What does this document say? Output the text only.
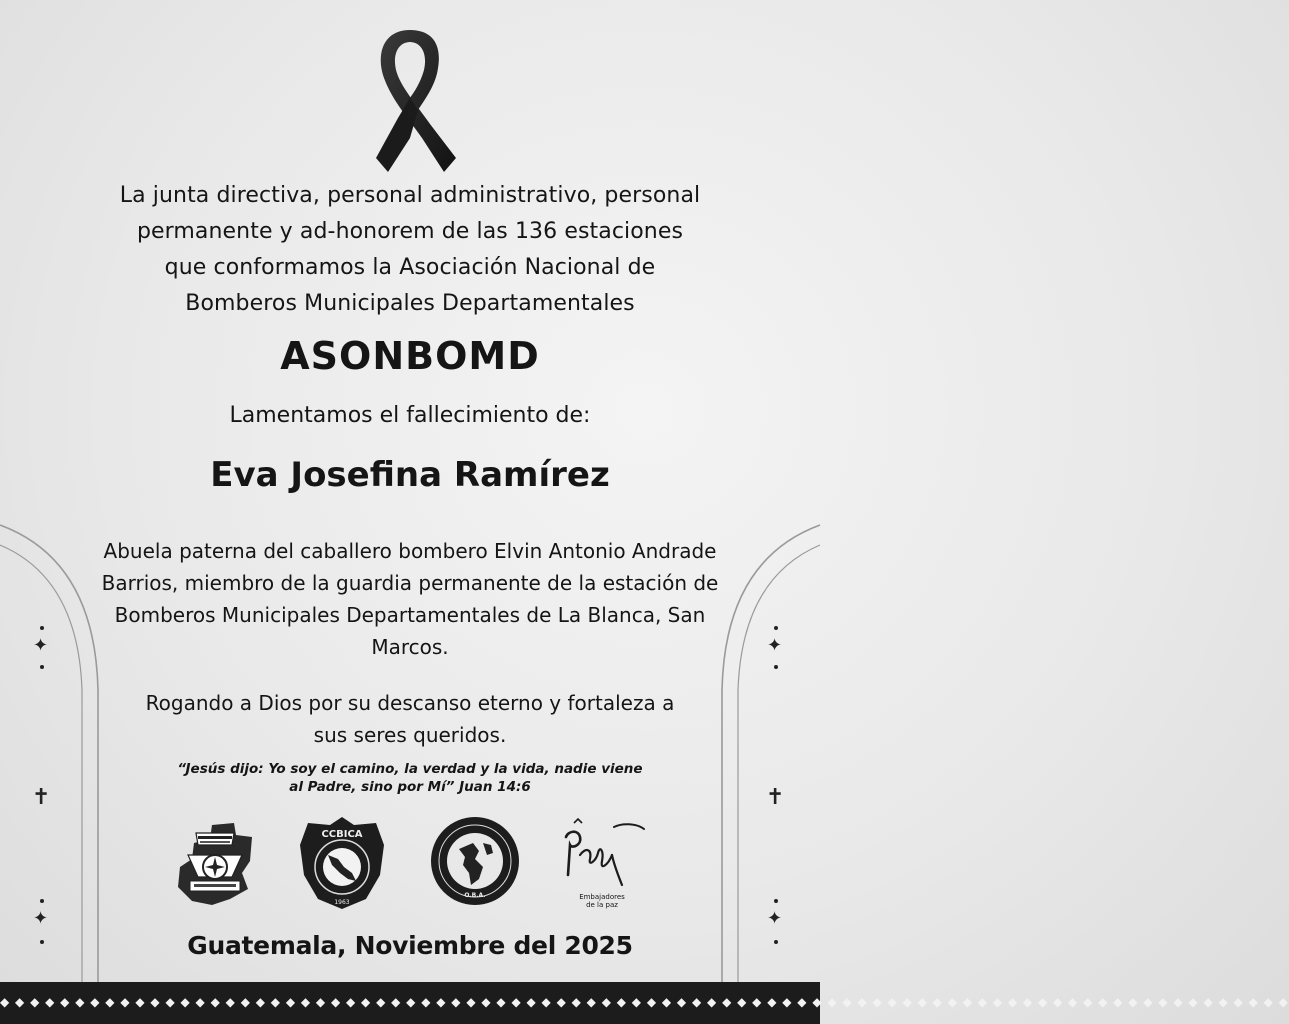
✦
✝
✦
✦
✝
✦
La junta directiva, personal administrativo, personal
permanente y ad-honorem de las 136 estaciones
que conformamos la Asociación Nacional de
Bomberos Municipales Departamentales
ASONBOMD
Lamentamos el fallecimiento de:
Eva Josefina Ramírez
Abuela paterna del caballero bombero Elvin Antonio Andrade
Barrios, miembro de la guardia permanente de la estación de
Bomberos Municipales Departamentales de La Blanca, San
Marcos.
Rogando a Dios por su descanso eterno y fortaleza a
sus seres queridos.
“Jesús dijo: Yo soy el camino, la verdad y la vida, nadie viene
al Padre, sino por Mí” Juan 14:6
CCBICA
1963
O.B.A.	Embajadores
de la paz
Guatemala, Noviembre del 2025
◆ ◆ ◆ ◆ ◆ ◆ ◆ ◆ ◆ ◆ ◆ ◆ ◆ ◆ ◆ ◆ ◆ ◆ ◆ ◆ ◆ ◆ ◆ ◆ ◆ ◆ ◆ ◆ ◆ ◆ ◆ ◆ ◆ ◆ ◆ ◆ ◆ ◆ ◆ ◆ ◆ ◆ ◆ ◆ ◆ ◆ ◆ ◆ ◆ ◆ ◆ ◆ ◆ ◆ ◆ ◆ ◆ ◆ ◆ ◆ ◆ ◆ ◆ ◆ ◆ ◆ ◆ ◆ ◆ ◆ ◆ ◆ ◆ ◆ ◆ ◆ ◆ ◆ ◆ ◆ ◆ ◆ ◆ ◆ ◆ ◆
